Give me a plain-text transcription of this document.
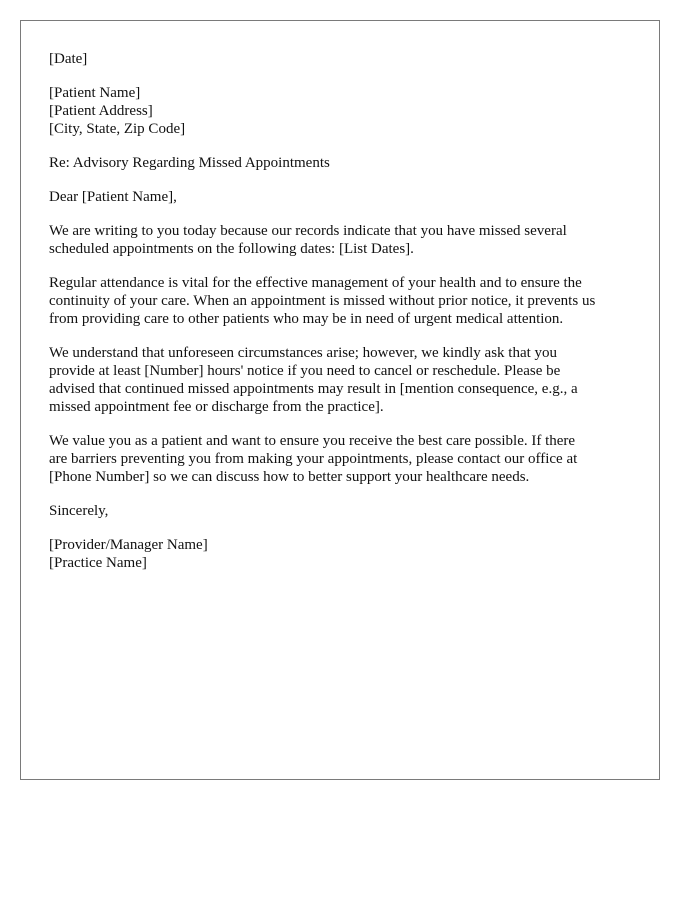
[Date]
[Patient Name]
[Patient Address]
[City, State, Zip Code]
Re: Advisory Regarding Missed Appointments
Dear [Patient Name],
We are writing to you today because our records indicate that you have missed several
scheduled appointments on the following dates: [List Dates].
Regular attendance is vital for the effective management of your health and to ensure the
continuity of your care. When an appointment is missed without prior notice, it prevents us
from providing care to other patients who may be in need of urgent medical attention.
We understand that unforeseen circumstances arise; however, we kindly ask that you
provide at least [Number] hours' notice if you need to cancel or reschedule. Please be
advised that continued missed appointments may result in [mention consequence, e.g., a
missed appointment fee or discharge from the practice].
We value you as a patient and want to ensure you receive the best care possible. If there
are barriers preventing you from making your appointments, please contact our office at
[Phone Number] so we can discuss how to better support your healthcare needs.
Sincerely,
[Provider/Manager Name]
[Practice Name]
